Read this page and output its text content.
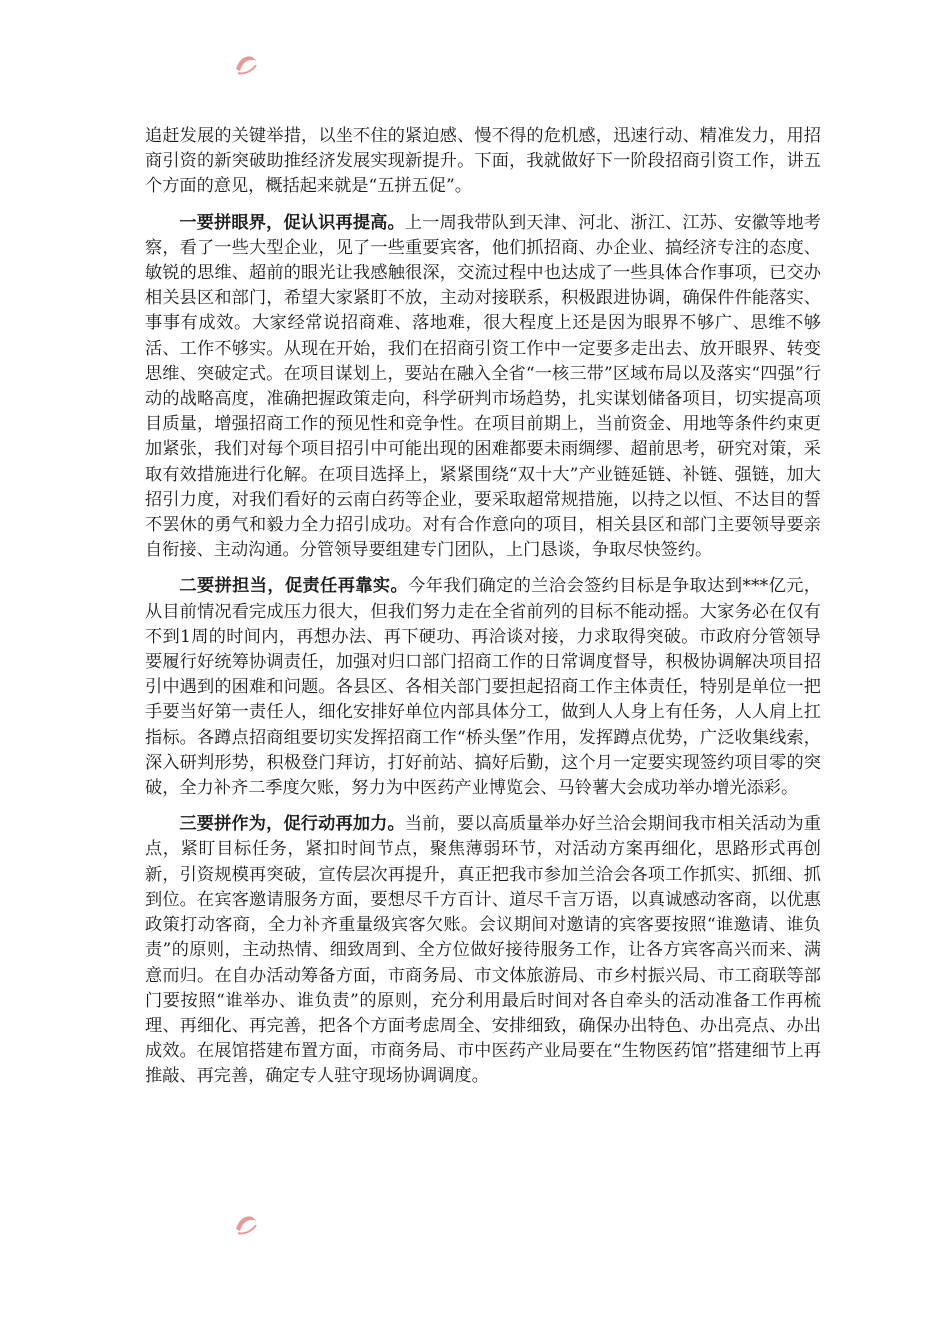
追赶发展的关键举措，以坐不住的紧迫感、慢不得的危机感，迅速行动、精准发力，用招商引资的新突破助推经济发展实现新提升。下面，我就做好下一阶段招商引资工作，讲五个方面的意见，概括起来就是“五拼五促”。

一要拼眼界，促认识再提高。上一周我带队到天津、河北、浙江、江苏、安徽等地考察，看了一些大型企业，见了一些重要宾客，他们抓招商、办企业、搞经济专注的态度、敏锐的思维、超前的眼光让我感触很深，交流过程中也达成了一些具体合作事项，已交办相关县区和部门，希望大家紧盯不放，主动对接联系，积极跟进协调，确保件件能落实、事事有成效。大家经常说招商难、落地难，很大程度上还是因为眼界不够广、思维不够活、工作不够实。从现在开始，我们在招商引资工作中一定要多走出去、放开眼界、转变思维、突破定式。在项目谋划上，要站在融入全省“一核三带”区域布局以及落实“四强”行动的战略高度，准确把握政策走向，科学研判市场趋势，扎实谋划储备项目，切实提高项目质量，增强招商工作的预见性和竞争性。在项目前期上，当前资金、用地等条件约束更加紧张，我们对每个项目招引中可能出现的困难都要未雨绸缪、超前思考，研究对策，采取有效措施进行化解。在项目选择上，紧紧围绕“双十大”产业链延链、补链、强链，加大招引力度，对我们看好的云南白药等企业，要采取超常规措施，以持之以恒、不达目的誓不罢休的勇气和毅力全力招引成功。对有合作意向的项目，相关县区和部门主要领导要亲自衔接、主动沟通。分管领导要组建专门团队，上门恳谈，争取尽快签约。

二要拼担当，促责任再靠实。今年我们确定的兰洽会签约目标是争取达到***亿元，从目前情况看完成压力很大，但我们努力走在全省前列的目标不能动摇。大家务必在仅有不到1周的时间内，再想办法、再下硬功、再洽谈对接，力求取得突破。市政府分管领导要履行好统筹协调责任，加强对归口部门招商工作的日常调度督导，积极协调解决项目招引中遇到的困难和问题。各县区、各相关部门要担起招商工作主体责任，特别是单位一把手要当好第一责任人，细化安排好单位内部具体分工，做到人人身上有任务，人人肩上扛指标。各蹲点招商组要切实发挥招商工作“桥头堡”作用，发挥蹲点优势，广泛收集线索，深入研判形势，积极登门拜访，打好前站、搞好后勤，这个月一定要实现签约项目零的突破，全力补齐二季度欠账，努力为中医药产业博览会、马铃薯大会成功举办增光添彩。

三要拼作为，促行动再加力。当前，要以高质量举办好兰洽会期间我市相关活动为重点，紧盯目标任务，紧扣时间节点，聚焦薄弱环节，对活动方案再细化，思路形式再创新，引资规模再突破，宣传层次再提升，真正把我市参加兰洽会各项工作抓实、抓细、抓到位。在宾客邀请服务方面，要想尽千方百计、道尽千言万语，以真诚感动客商，以优惠政策打动客商，全力补齐重量级宾客欠账。会议期间对邀请的宾客要按照“谁邀请、谁负责”的原则，主动热情、细致周到、全方位做好接待服务工作，让各方宾客高兴而来、满意而归。在自办活动筹备方面，市商务局、市文体旅游局、市乡村振兴局、市工商联等部门要按照“谁举办、谁负责”的原则，充分利用最后时间对各自牵头的活动准备工作再梳理、再细化、再完善，把各个方面考虑周全、安排细致，确保办出特色、办出亮点、办出成效。在展馆搭建布置方面，市商务局、市中医药产业局要在“生物医药馆”搭建细节上再推敲、再完善，确定专人驻守现场协调调度。
